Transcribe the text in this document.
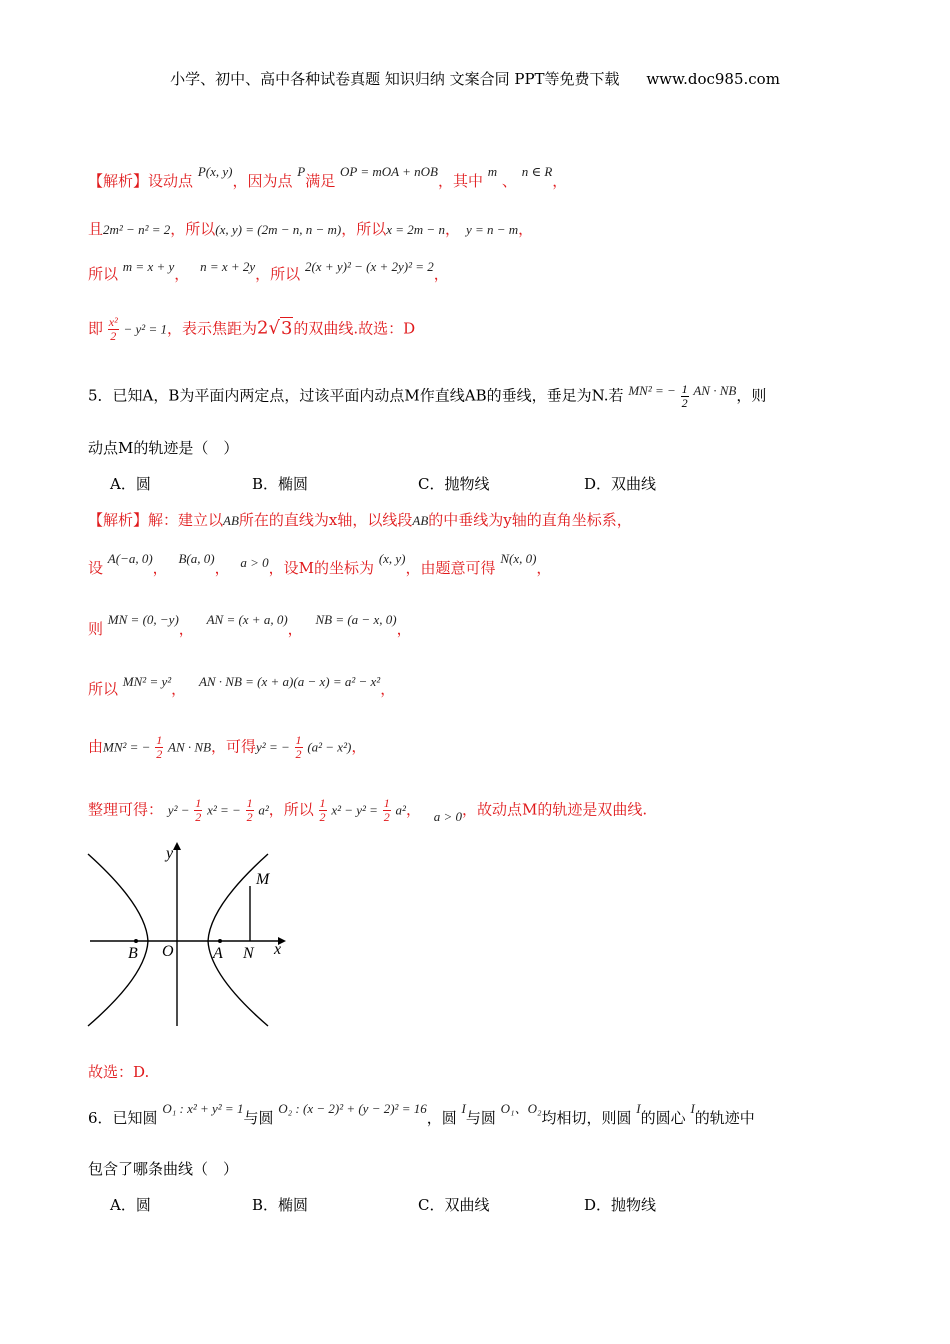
小学、初中、高中各种试卷真题 知识归纳 文案合同 PPT等免费下载 www.doc985.com
【解析】设动点 P(x, y)，因为点 P满足 OP = mOA + nOB，其中 m 、 n ∈ R，
且2m² − n² = 2，所以(x, y) = (2m − n, n − m)，所以x = 2m − n， y = n − m，
所以 m = x + y， n = x + 2y，所以 2(x + y)² − (x + 2y)² = 2，
即 $\frac{\text{x²}}{2} - y^2 = 1$，表示焦距为2√3的双曲线.故选：D
5．已知A，B为平面内两定点，过该平面内动点M作直线AB的垂线，垂足为N.若 MN² = − $\frac{1}{2}$ AN · NB，则
动点M的轨迹是（　）
A．圆	B．椭圆	C．抛物线	D．双曲线
【解析】解：建立以AB所在的直线为x轴，以线段AB的中垂线为y轴的直角坐标系，
设 A(−a, 0)， B(a, 0)， a > 0，设M的坐标为 (x, y)，由题意可得 N(x, 0)，
则 MN = (0, −y)， AN = (x + a, 0)， NB = (a − x, 0)，
所以 MN² = y²， AN · NB = (x + a)(a − x) = a² − x²，
由MN² = − $\frac{1}{2}$ AN · NB，可得y² = − $\frac{1}{2} (a^2 - x^2)$，
整理可得： $y^2 - \frac{1}{2} x^2$ = − $\frac{1}{2} a^2$，所以 $\frac{1}{2} x^2 - y^2 = \frac{1}{2} a^2$， a > 0，故动点M的轨迹是双曲线.
y
x
M
B O A N
故选：D.
6．已知圆 O₁ : x² + y² = 1与圆 O₂ : (x − 2)² + (y − 2)² = 16，圆 I与圆 O₁、O₂均相切，则圆 I的圆心 I的轨迹中
包含了哪条曲线（　）
A．圆	B．椭圆	C．双曲线	D．抛物线
